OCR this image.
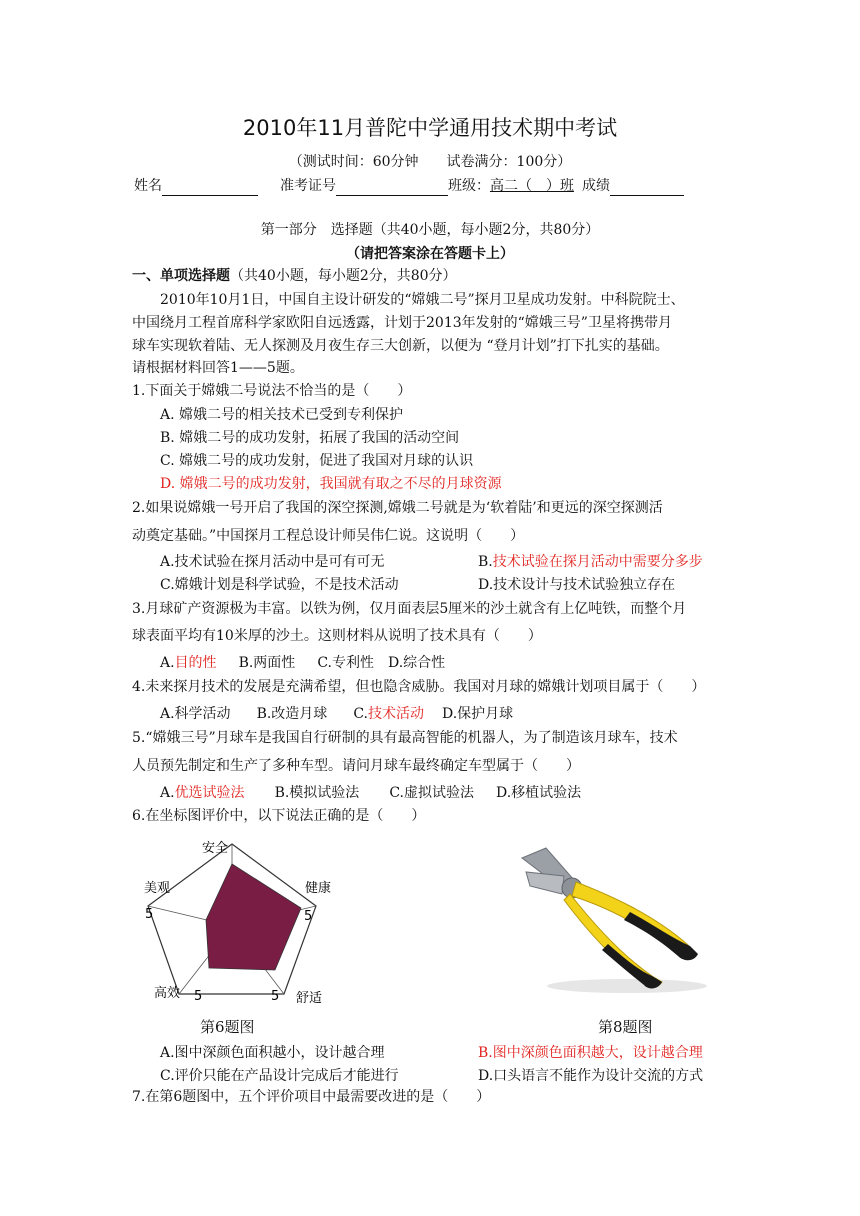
2010年11月普陀中学通用技术期中考试
（测试时间：60分钟　　试卷满分：100分）
姓名	准考证号	班级：高二（　）班 成绩
第一部分　选择题（共40小题，每小题2分，共80分）
（请把答案涂在答题卡上）
一、单项选择题（共40小题，每小题2分，共80分）
2010年10月1日，中国自主设计研发的“嫦娥二号”探月卫星成功发射。中科院院士、
中国绕月工程首席科学家欧阳自远透露，计划于2013年发射的“嫦娥三号”卫星将携带月
球车实现软着陆、无人探测及月夜生存三大创新，以便为 “登月计划”打下扎实的基础。
请根据材料回答1——5题。
1.下面关于嫦娥二号说法不恰当的是（　　）
A. 嫦娥二号的相关技术已受到专利保护
B. 嫦娥二号的成功发射，拓展了我国的活动空间
C. 嫦娥二号的成功发射，促进了我国对月球的认识
D. 嫦娥二号的成功发射，我国就有取之不尽的月球资源
2.如果说嫦娥一号开启了我国的深空探测,嫦娥二号就是为‘软着陆’和更远的深空探测活
动奠定基础。”中国探月工程总设计师吴伟仁说。这说明（　　）
A.技术试验在探月活动中是可有可无	B.技术试验在探月活动中需要分多步
C.嫦娥计划是科学试验，不是技术活动	D.技术设计与技术试验独立存在
3.月球矿产资源极为丰富。以铁为例，仅月面表层5厘米的沙土就含有上亿吨铁，而整个月
球表面平均有10米厚的沙土。这则材料从说明了技术具有（　　）
A.目的性 B.两面性 C.专利性 D.综合性
4.未来探月技术的发展是充满希望，但也隐含威胁。我国对月球的嫦娥计划项目属于（　　）
A.科学活动 B.改造月球 C.技术活动 D.保护月球
5.“嫦娥三号”月球车是我国自行研制的具有最高智能的机器人，为了制造该月球车，技术
人员预先制定和生产了多种车型。请问月球车最终确定车型属于（　　）
A.优选试验法 B.模拟试验法 C.虚拟试验法 D.移植试验法
6.在坐标图评价中，以下说法正确的是（　　）
安全
健康
舒适
高效
美观
5
5
5
5
第6题图	第8题图
A.图中深颜色面积越小，设计越合理	B.图中深颜色面积越大，设计越合理
C.评价只能在产品设计完成后才能进行	D.口头语言不能作为设计交流的方式
7.在第6题图中，五个评价项目中最需要改进的是（　　）
